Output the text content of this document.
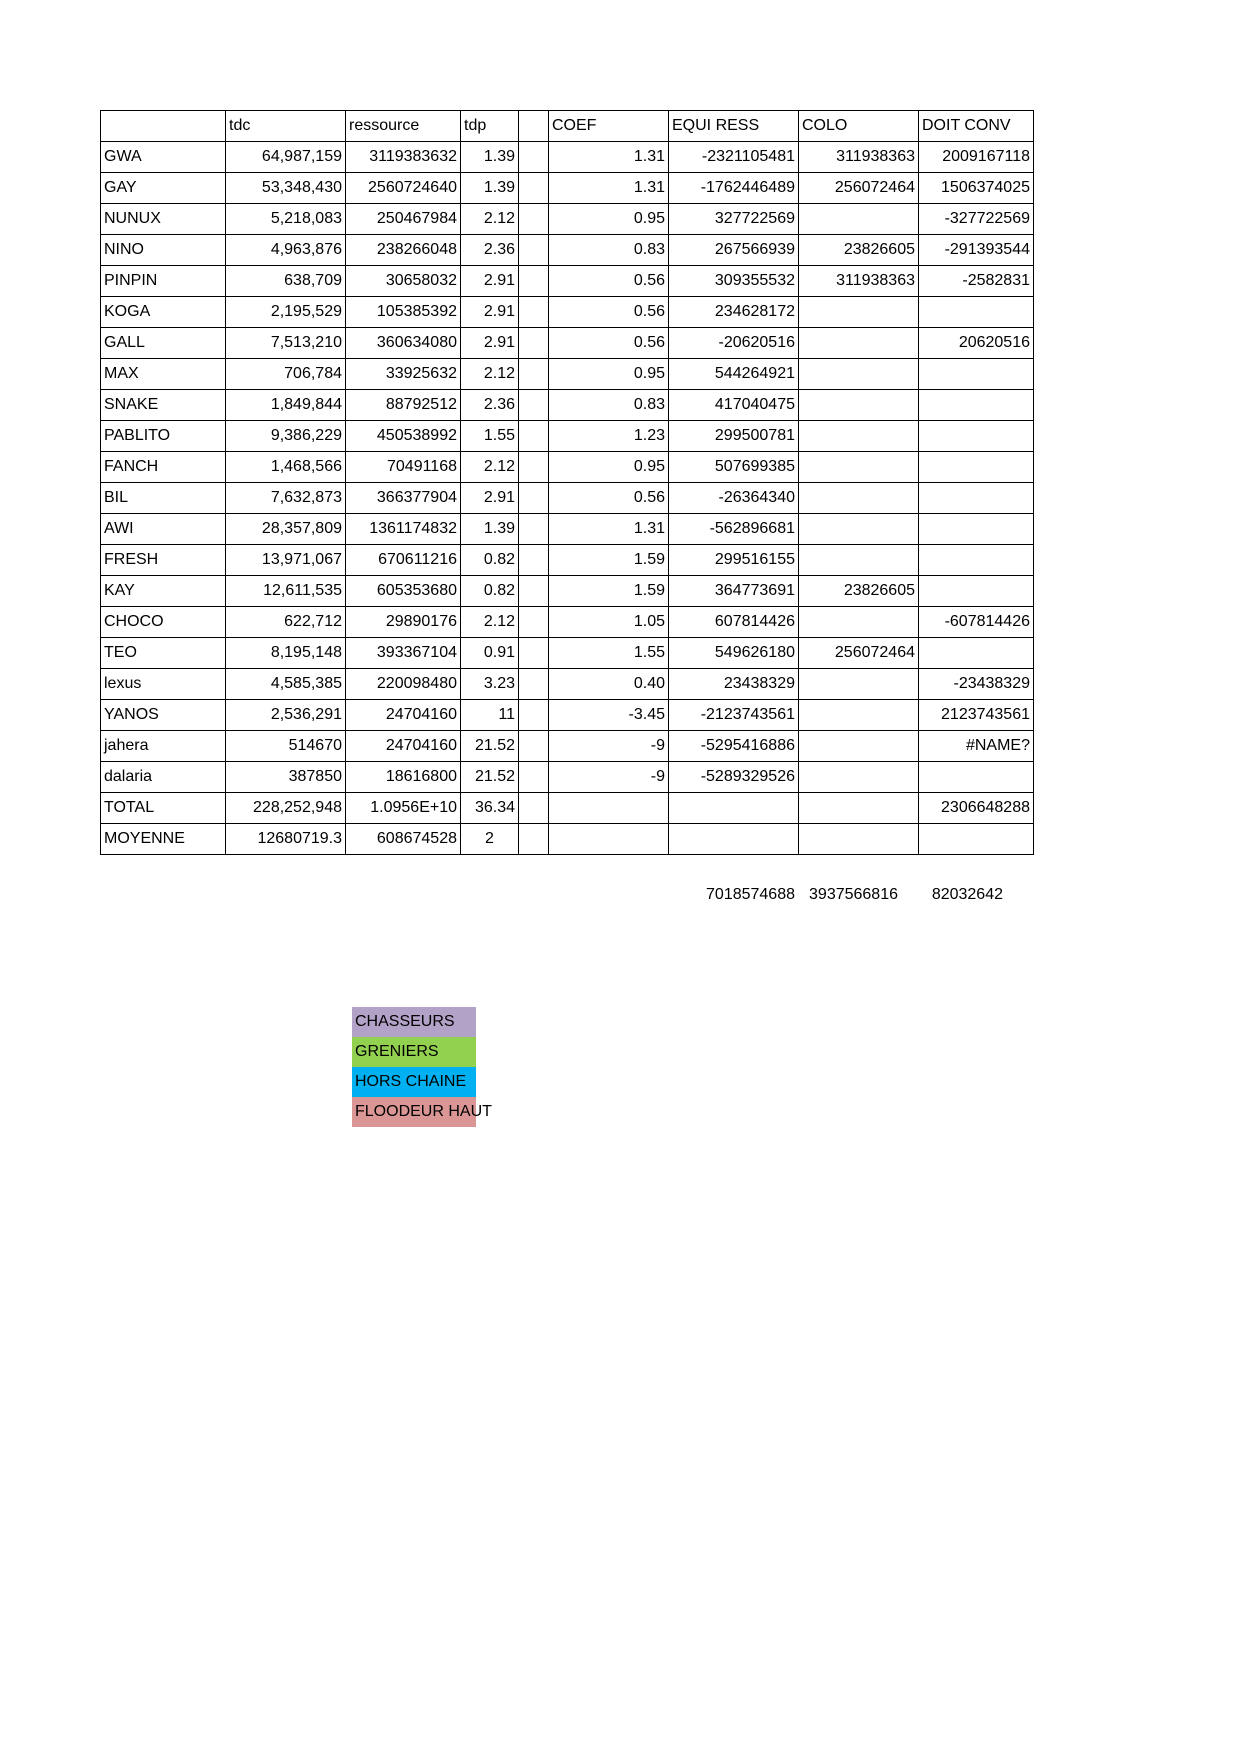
	tdc	ressource	tdp		COEF	EQUI RESS	COLO	DOIT CONV
GWA	64,987,159	3119383632	1.39		1.31	-2321105481	311938363	2009167118
GAY	53,348,430	2560724640	1.39		1.31	-1762446489	256072464	1506374025
NUNUX	5,218,083	250467984	2.12		0.95	327722569		-327722569
NINO	4,963,876	238266048	2.36		0.83	267566939	23826605	-291393544
PINPIN	638,709	30658032	2.91		0.56	309355532	311938363	-2582831
KOGA	2,195,529	105385392	2.91		0.56	234628172		
GALL	7,513,210	360634080	2.91		0.56	-20620516		20620516
MAX	706,784	33925632	2.12		0.95	544264921		
SNAKE	1,849,844	88792512	2.36		0.83	417040475		
PABLITO	9,386,229	450538992	1.55		1.23	299500781		
FANCH	1,468,566	70491168	2.12		0.95	507699385		
BIL	7,632,873	366377904	2.91		0.56	-26364340		
AWI	28,357,809	1361174832	1.39		1.31	-562896681		
FRESH	13,971,067	670611216	0.82		1.59	299516155		
KAY	12,611,535	605353680	0.82		1.59	364773691	23826605	
CHOCO	622,712	29890176	2.12		1.05	607814426		-607814426
TEO	8,195,148	393367104	0.91		1.55	549626180	256072464	
lexus	4,585,385	220098480	3.23		0.40	23438329		-23438329
YANOS	2,536,291	24704160	11		-3.45	-2123743561		2123743561
jahera	514670	24704160	21.52		-9	-5295416886		#NAME?
dalaria	387850	18616800	21.52		-9	-5289329526		
TOTAL	228,252,948	1.0956E+10	36.34					2306648288
MOYENNE	12680719.3	608674528	2					
7018574688 3937566816	82032642
CHASSEURS
GRENIERS
HORS CHAINE
FLOODEUR HAUT
